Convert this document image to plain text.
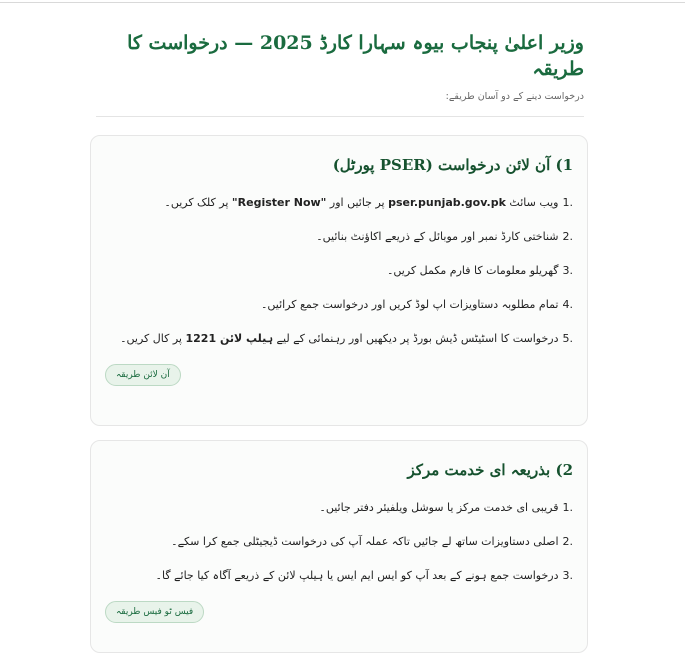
وزیر اعلیٰ پنجاب بیوہ سہارا کارڈ 2025 — درخواست کا طریقہ
درخواست دینے کے دو آسان طریقے:
1) آن لائن درخواست (PSER پورٹل)
1.
ویب سائٹ pser.punjab.gov.pk پر جائیں اور "Register Now" پر کلک کریں۔
2.
شناختی کارڈ نمبر اور موبائل کے ذریعے اکاؤنٹ بنائیں۔
3.
گھریلو معلومات کا فارم مکمل کریں۔
4.
تمام مطلوبہ دستاویزات اپ لوڈ کریں اور درخواست جمع کرائیں۔
5.
درخواست کا اسٹیٹس ڈیش بورڈ پر دیکھیں اور رہنمائی کے لیے ہیلپ لائن 1221 پر کال کریں۔
آن لائن طریقہ
2) بذریعہ ای خدمت مرکز
1.
قریبی ای خدمت مرکز یا سوشل ویلفیئر دفتر جائیں۔
2.
اصلی دستاویزات ساتھ لے جائیں تاکہ عملہ آپ کی درخواست ڈیجیٹلی جمع کرا سکے۔
3.
درخواست جمع ہونے کے بعد آپ کو ایس ایم ایس یا ہیلپ لائن کے ذریعے آگاہ کیا جائے گا۔
فیس ٹو فیس طریقہ
